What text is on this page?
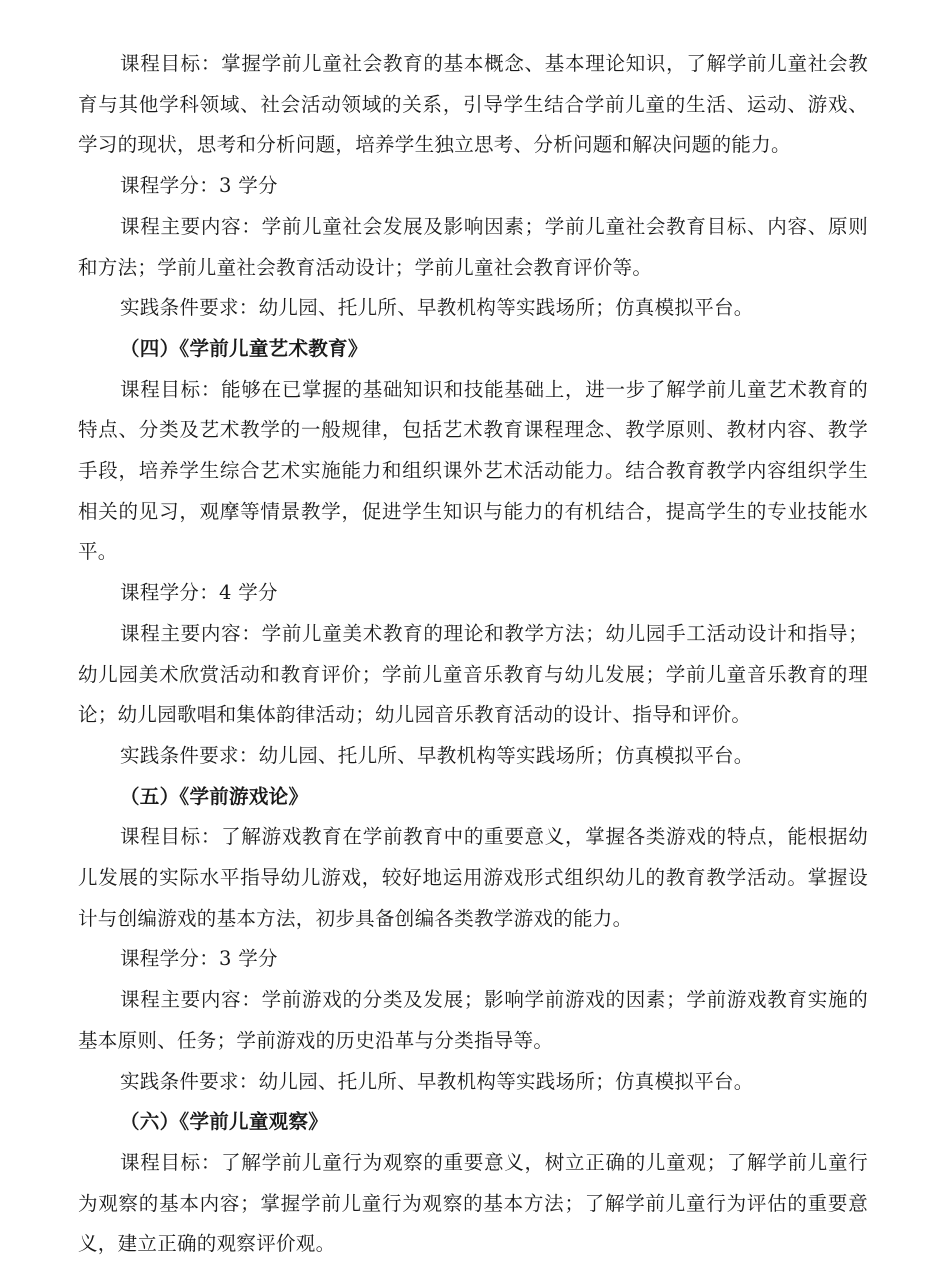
课程目标：掌握学前儿童社会教育的基本概念、基本理论知识，了解学前儿童社会教育与其他学科领域、社会活动领域的关系，引导学生结合学前儿童的生活、运动、游戏、学习的现状，思考和分析问题，培养学生独立思考、分析问题和解决问题的能力。

课程学分：3 学分

课程主要内容：学前儿童社会发展及影响因素；学前儿童社会教育目标、内容、原则和方法；学前儿童社会教育活动设计；学前儿童社会教育评价等。

实践条件要求：幼儿园、托儿所、早教机构等实践场所；仿真模拟平台。

（四）《学前儿童艺术教育》

课程目标：能够在已掌握的基础知识和技能基础上，进一步了解学前儿童艺术教育的特点、分类及艺术教学的一般规律，包括艺术教育课程理念、教学原则、教材内容、教学手段，培养学生综合艺术实施能力和组织课外艺术活动能力。结合教育教学内容组织学生相关的见习，观摩等情景教学，促进学生知识与能力的有机结合，提高学生的专业技能水平。

课程学分：4 学分

课程主要内容：学前儿童美术教育的理论和教学方法；幼儿园手工活动设计和指导；幼儿园美术欣赏活动和教育评价；学前儿童音乐教育与幼儿发展；学前儿童音乐教育的理论；幼儿园歌唱和集体韵律活动；幼儿园音乐教育活动的设计、指导和评价。

实践条件要求：幼儿园、托儿所、早教机构等实践场所；仿真模拟平台。

（五）《学前游戏论》

课程目标：了解游戏教育在学前教育中的重要意义，掌握各类游戏的特点，能根据幼儿发展的实际水平指导幼儿游戏，较好地运用游戏形式组织幼儿的教育教学活动。掌握设计与创编游戏的基本方法，初步具备创编各类教学游戏的能力。

课程学分：3 学分

课程主要内容：学前游戏的分类及发展；影响学前游戏的因素；学前游戏教育实施的基本原则、任务；学前游戏的历史沿革与分类指导等。

实践条件要求：幼儿园、托儿所、早教机构等实践场所；仿真模拟平台。

（六）《学前儿童观察》

课程目标：了解学前儿童行为观察的重要意义，树立正确的儿童观；了解学前儿童行为观察的基本内容；掌握学前儿童行为观察的基本方法；了解学前儿童行为评估的重要意义，建立正确的观察评价观。
